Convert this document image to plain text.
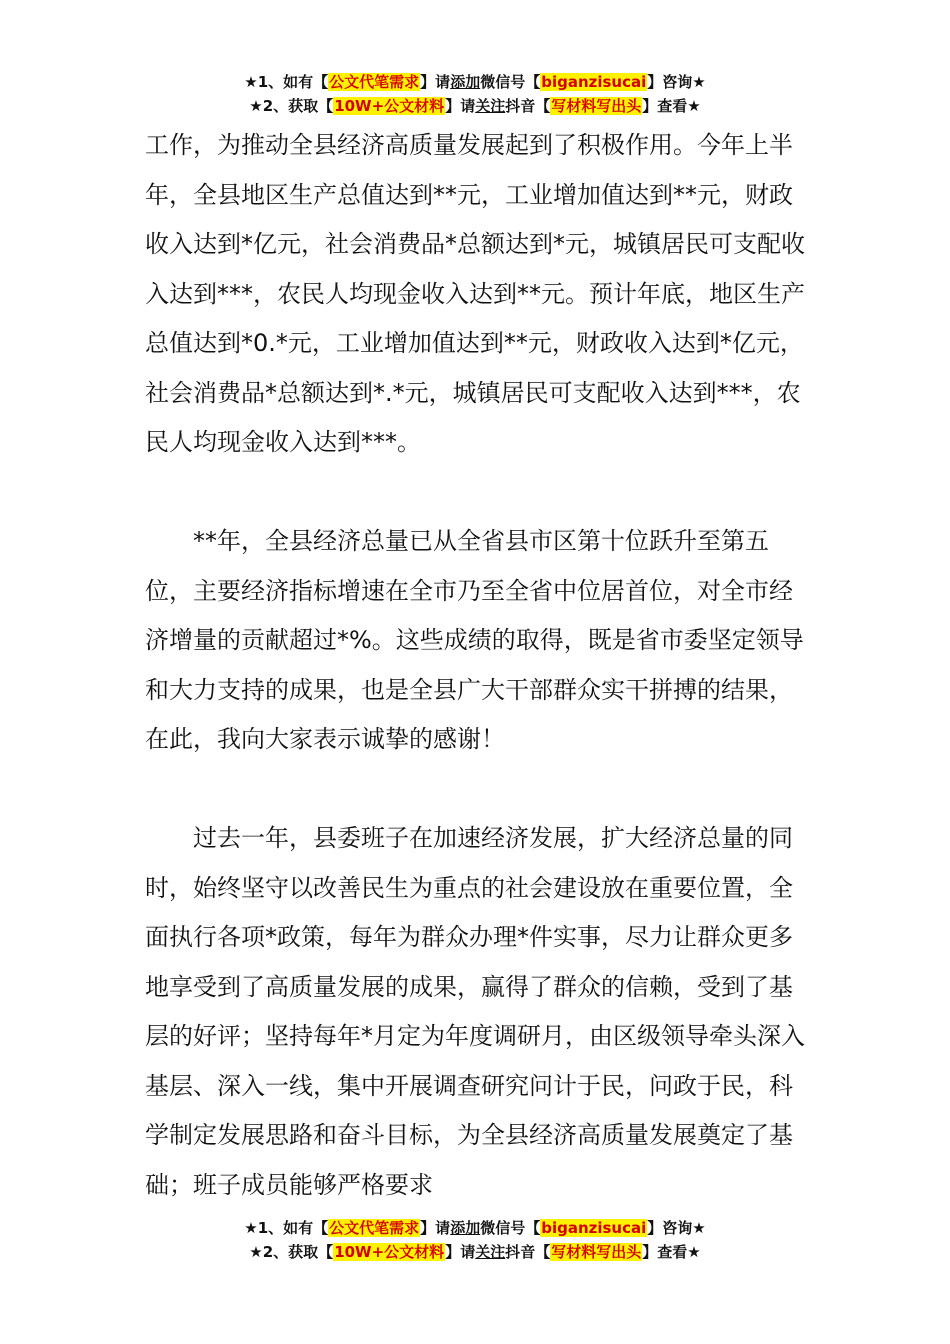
★1、如有【公文代笔需求】请添加微信号【biganzisucai】咨询★
★2、获取【10W+公文材料】请关注抖音【写材料写出头】查看★

工作，为推动全县经济高质量发展起到了积极作用。今年上半年，全县地区生产总值达到**元，工业增加值达到**元，财政收入达到*亿元，社会消费品*总额达到*元，城镇居民可支配收入达到***，农民人均现金收入达到**元。预计年底，地区生产总值达到*0.*元，工业增加值达到**元，财政收入达到*亿元，社会消费品*总额达到*.*元，城镇居民可支配收入达到***，农民人均现金收入达到***。

**年，全县经济总量已从全省县市区第十位跃升至第五位，主要经济指标增速在全市乃至全省中位居首位，对全市经济增量的贡献超过*%。这些成绩的取得，既是省市委坚定领导和大力支持的成果，也是全县广大干部群众实干拼搏的结果，在此，我向大家表示诚挚的感谢！

过去一年，县委班子在加速经济发展，扩大经济总量的同时，始终坚守以改善民生为重点的社会建设放在重要位置，全面执行各项*政策，每年为群众办理*件实事，尽力让群众更多地享受到了高质量发展的成果，赢得了群众的信赖，受到了基层的好评；坚持每年*月定为年度调研月，由区级领导牵头深入基层、深入一线，集中开展调查研究问计于民，问政于民，科学制定发展思路和奋斗目标，为全县经济高质量发展奠定了基础；班子成员能够严格要求

★1、如有【公文代笔需求】请添加微信号【biganzisucai】咨询★
★2、获取【10W+公文材料】请关注抖音【写材料写出头】查看★
